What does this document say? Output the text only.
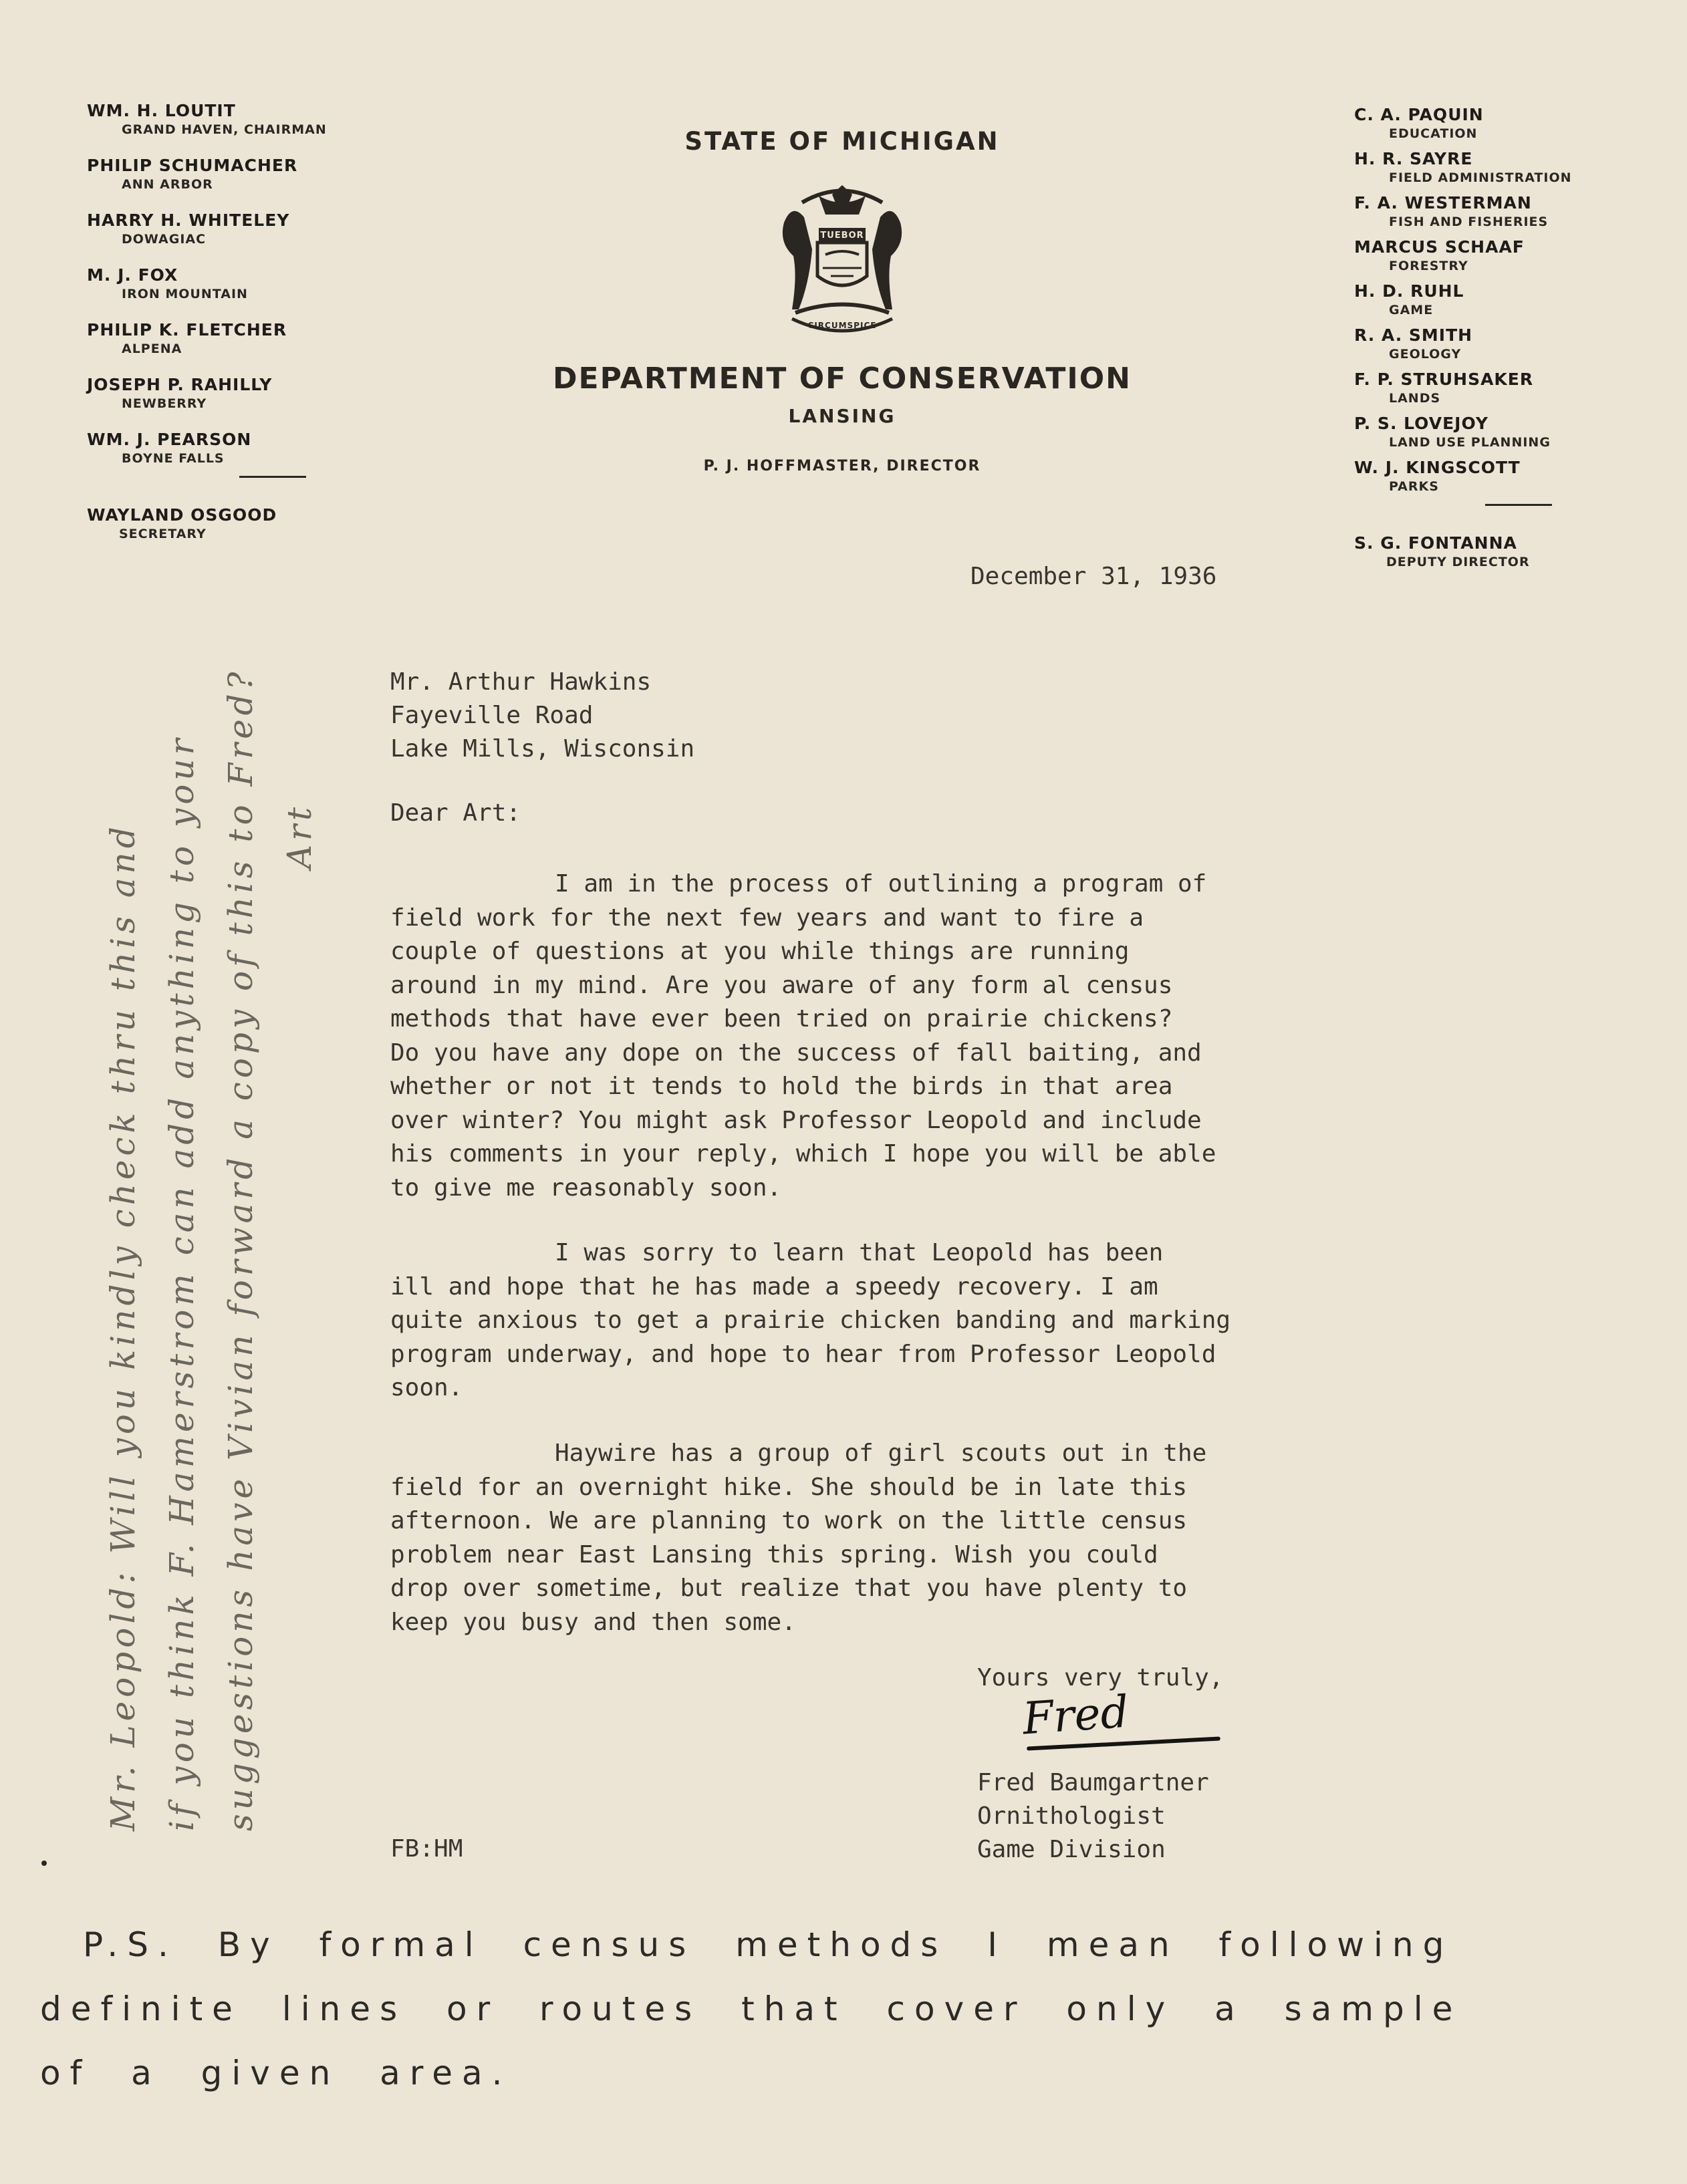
WM. H. LOUTIT
GRAND HAVEN, CHAIRMAN
PHILIP SCHUMACHER
ANN ARBOR
HARRY H. WHITELEY
DOWAGIAC
M. J. FOX
IRON MOUNTAIN
PHILIP K. FLETCHER
ALPENA
JOSEPH P. RAHILLY
NEWBERRY
WM. J. PEARSON
BOYNE FALLS
WAYLAND OSGOOD
SECRETARY
STATE OF MICHIGAN
TUEBOR
CIRCUMSPICE
DEPARTMENT OF CONSERVATION
LANSING
P. J. HOFFMASTER, DIRECTOR
C. A. PAQUIN
EDUCATION
H. R. SAYRE
FIELD ADMINISTRATION
F. A. WESTERMAN
FISH AND FISHERIES
MARCUS SCHAAF
FORESTRY
H. D. RUHL
GAME
R. A. SMITH
GEOLOGY
F. P. STRUHSAKER
LANDS
P. S. LOVEJOY
LAND USE PLANNING
W. J. KINGSCOTT
PARKS
S. G. FONTANNA
DEPUTY DIRECTOR
December 31, 1936
Mr. Arthur Hawkins
Fayeville Road
Lake Mills, Wisconsin
Dear Art:

I am in the process of outlining a program of

field work for the next few years and want to fire a

couple of questions at you while things are running

around in my mind. Are you aware of any form al census

methods that have ever been tried on prairie chickens?

Do you have any dope on the success of fall baiting, and

whether or not it tends to hold the birds in that area

over winter? You might ask Professor Leopold and include

his comments in your reply, which I hope you will be able

to give me reasonably soon.

I was sorry to learn that Leopold has been

ill and hope that he has made a speedy recovery. I am

quite anxious to get a prairie chicken banding and marking

program underway, and hope to hear from Professor Leopold

soon.

Haywire has a group of girl scouts out in the

field for an overnight hike. She should be in late this

afternoon. We are planning to work on the little census

problem near East Lansing this spring. Wish you could

drop over sometime, but realize that you have plenty to

keep you busy and then some.

Yours very truly,
Fred
Fred Baumgartner
Ornithologist
Game Division
FB:HM
Mr. Leopold: Will you kindly check thru this and if you think F. Hamerstrom can add anything to your suggestions have Vivian forward a copy of this to Fred? Art
P.S. By formal census methods I mean following
definite lines or routes that cover only a sample
of a given area.
